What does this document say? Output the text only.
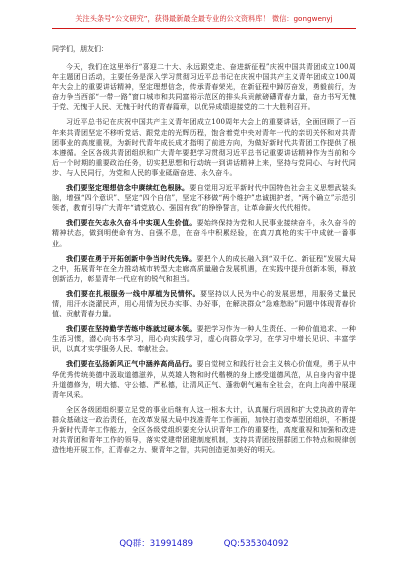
关注头条号“公文研究”，获得最新最全最专业的公文资料库！ 微信：gongwenyj

同学们，朋友们：

今天，我们在这里举行“喜迎二十大、永远跟党走、奋进新征程”庆祝中国共青团成立100周年主题团日活动，主要任务是深入学习贯彻习近平总书记在庆祝中国共产主义青年团成立100周年大会上的重要讲话精神，坚定理想信念，传承青春荣光，在新征程中踔厉奋发，勇毅前行，为奋力争当西部“一带一路”窗口城市和共同富裕示范区的排头兵贡献磅礴青春力量，奋力书写无愧于党、无愧于人民、无愧于时代的青春篇章，以优异成绩迎接党的二十大胜利召开。

习近平总书记在庆祝中国共产主义青年团成立100周年大会上的重要讲话，全面回顾了一百年来共青团坚定不移听党话、跟党走的光辉历程，饱含着党中央对青年一代的亲切关怀和对共青团事业的高度重视，为新时代青年成长成才指明了前进方向，为做好新时代共青团工作提供了根本遵循。全区各级共青团组织和广大青年要把学习贯彻习近平总书记重要讲话精神作为当前和今后一个时期的重要政治任务，切实把思想和行动统一到讲话精神上来，坚持与党同心、与时代同步、与人民同行，为党和人民的事业砥砺奋进、永久奋斗。

我们要坚定理想信念中赓续红色根脉。要自觉用习近平新时代中国特色社会主义思想武装头脑，增强“四个意识”、坚定“四个自信”，坚定不移做“两个维护”忠诚拥护者，“两个确立”示范引领者，教育引导广大青年“请党放心、强国有我”的铮铮誓言，让革命薪火代代相传。

我们要在矢志永久奋斗中实现人生价值。要始终保持为党和人民事业接续奋斗，永久奋斗的精神状态，做到明使命有为、自强不息，在奋斗中积累经验，在真刀真枪的实干中成就一番事业。

我们要在勇于开拓创新中争当时代先锋。要把个人的成长融入到“双千亿、新征程”发展大局之中，拓展青年在全力推动城市转型大走廊高质量融合发展机遇，在实践中提升创新本领，释放创新活力，彰显青年一代应有的锐气和担当。

我们要在扎根服务一线中厚植为民情怀。要坚持以人民为中心的发展思想，用服务丈量民情，用汗水浇灌民声，用心用情为民办实事、办好事，在解决群众“急难愁盼”问题中体现青春价值、贡献青春力量。

我们要在坚持勤学苦练中练就过硬本领。要把学习作为一种人生责任、一种价值追求、一种生活习惯，潜心向书本学习，用心向实践学习，虚心向群众学习，在学习中增长见识、丰富学识，以真才实学服务人民、奉献社会。

我们要在弘扬新风正气中涵养高尚品行。要自觉树立和践行社会主义核心价值观，勇于从中华优秀传统美德中汲取道德滋养，从英雄人物和时代楷模的身上感受道德风范，从自身内省中提升道德修为，明大德、守公德、严私德，让清风正气、蓬勃朝气遍布全社会，在向上向善中展现青年风采。

全区各级团组织要立足党的事业后继有人这一根本大计，认真履行巩固和扩大党执政的青年群众基础这一政治责任，在改革发展大局中找准青年工作画面，加快打造变革型团组织，不断提升新时代青年工作能力，全区各级党组织要充分认识青年工作的重要性，高度重视和加强和改进对共青团和青年工作的领导，落实党建带团建制度机制，支持共青团按照群团工作特点和规律创造性地开展工作，汇青春之力、聚青年之智，共同创造更加美好的明天。

QQ群：31991489	QQ:535304092
